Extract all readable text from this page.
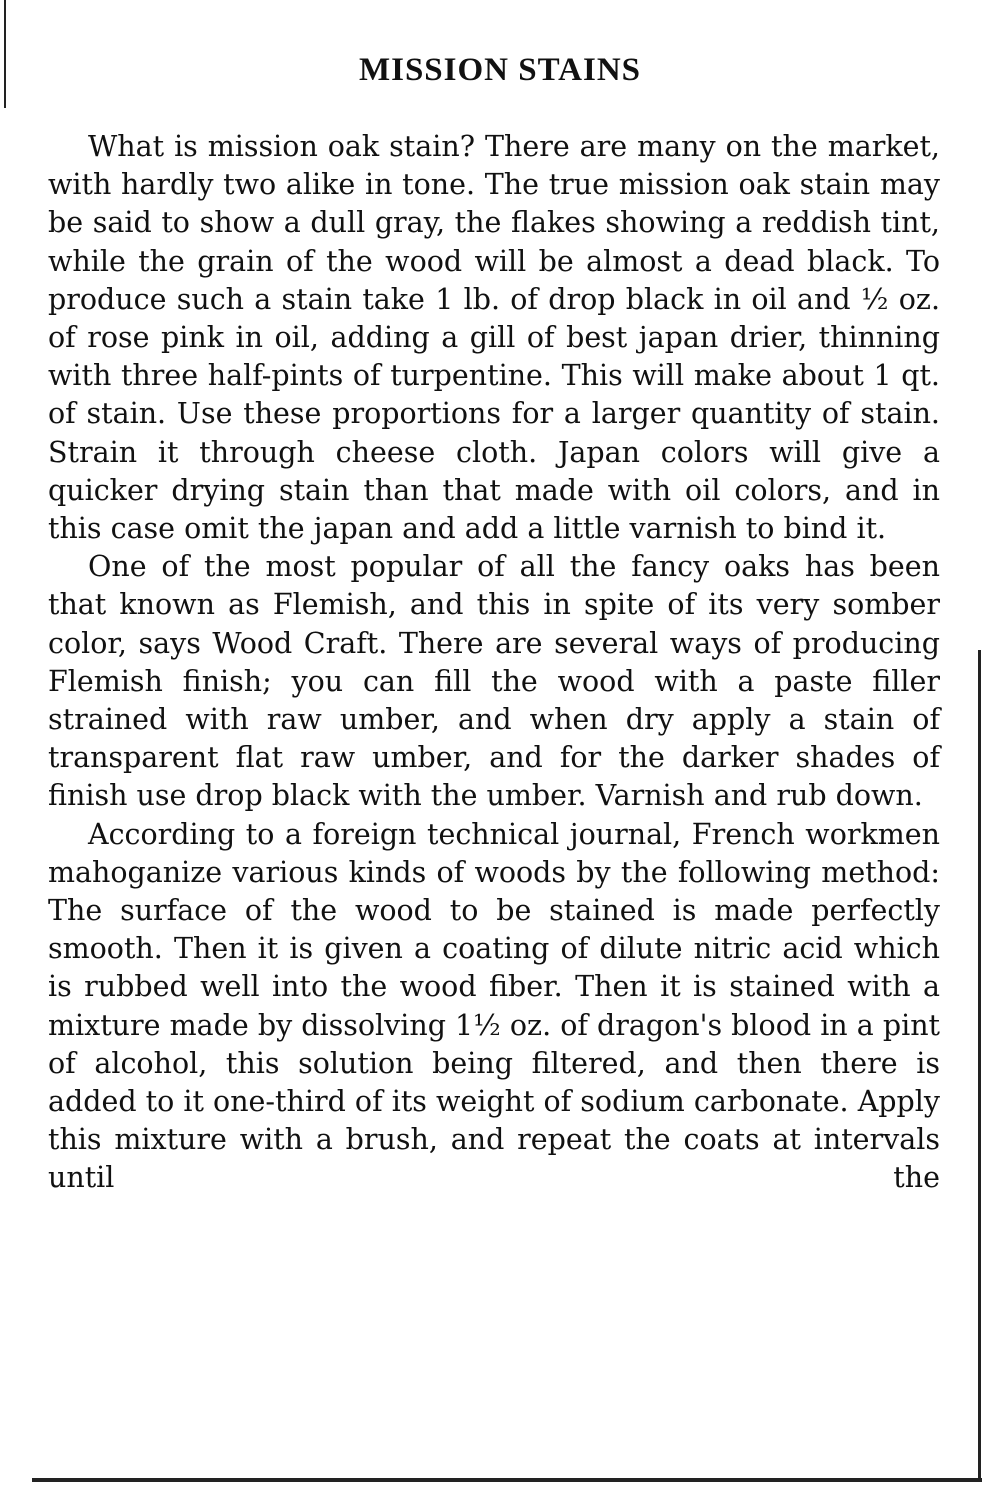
MISSION STAINS

What is mission oak stain? There are many on the market, with hardly two alike in tone. The true mission oak stain may be said to show a dull gray, the flakes showing a reddish tint, while the grain of the wood will be almost a dead black. To produce such a stain take 1 lb. of drop black in oil and ½ oz. of rose pink in oil, adding a gill of best japan drier, thinning with three half-pints of turpentine. This will make about 1 qt. of stain. Use these proportions for a larger quantity of stain. Strain it through cheese cloth. Japan colors will give a quicker drying stain than that made with oil colors, and in this case omit the japan and add a little varnish to bind it.

One of the most popular of all the fancy oaks has been that known as Flemish, and this in spite of its very somber color, says Wood Craft. There are several ways of producing Flemish finish; you can fill the wood with a paste filler strained with raw umber, and when dry apply a stain of transparent flat raw umber, and for the darker shades of finish use drop black with the umber. Varnish and rub down.

According to a foreign technical journal, French workmen mahoganize various kinds of woods by the following method: The surface of the wood to be stained is made perfectly smooth. Then it is given a coating of dilute nitric acid which is rubbed well into the wood fiber. Then it is stained with a mixture made by dissolving 1½ oz. of dragon's blood in a pint of alcohol, this solution being filtered, and then there is added to it one-third of its weight of sodium carbonate. Apply this mixture with a brush, and repeat the coats at intervals until the
